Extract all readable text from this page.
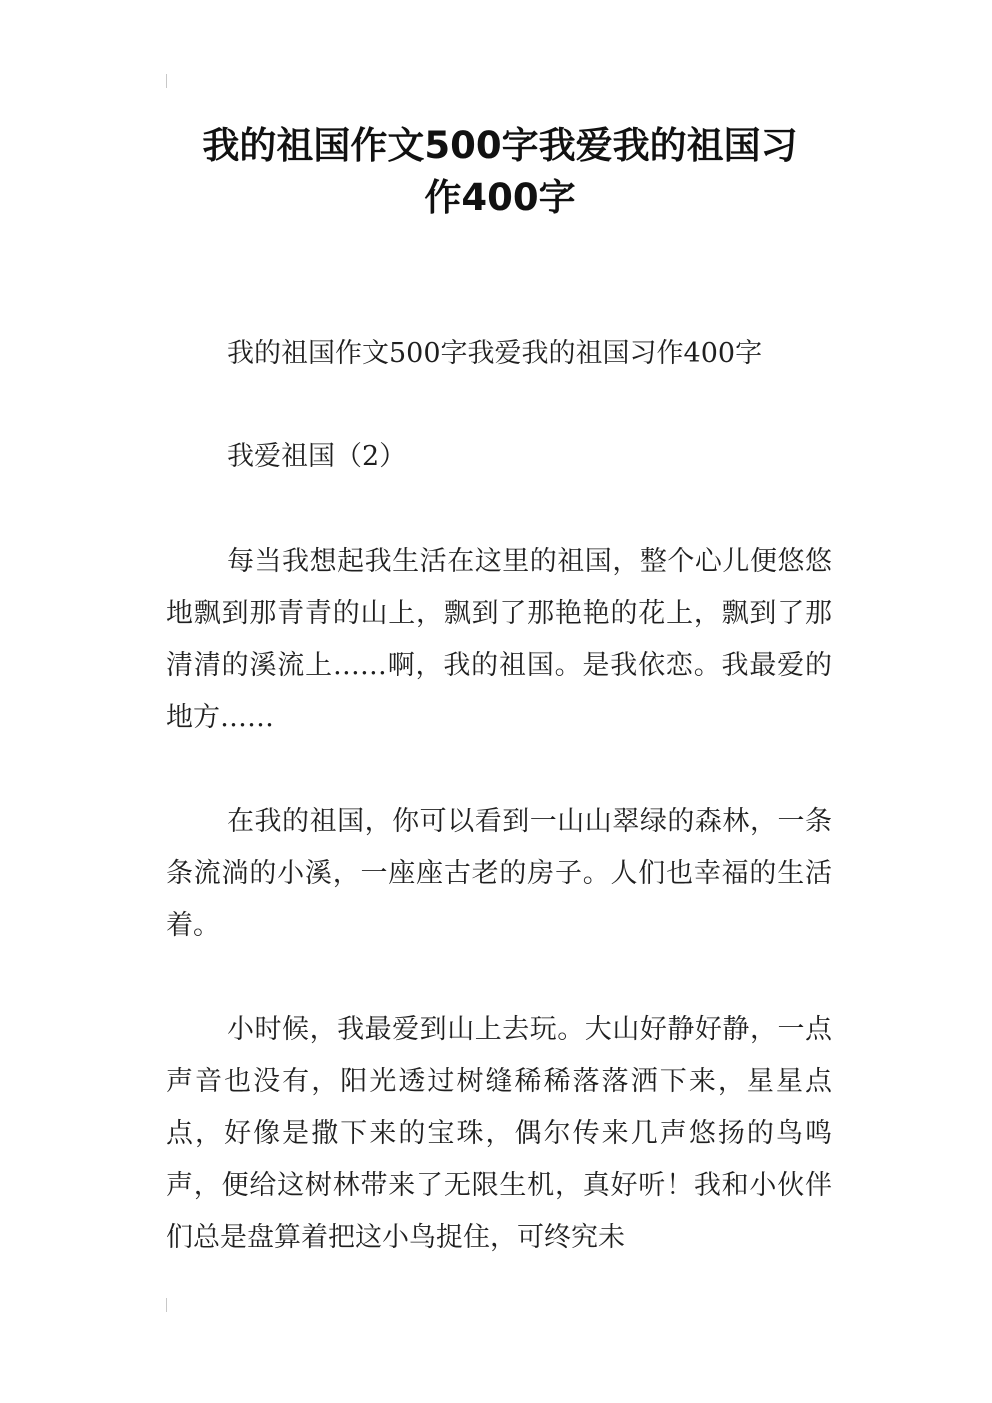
我的祖国作文500字我爱我的祖国习
作400字

我的祖国作文500字我爱我的祖国习作400字

我爱祖国（2）

每当我想起我生活在这里的祖国，整个心儿便悠悠地飘到那青青的山上，飘到了那艳艳的花上，飘到了那清清的溪流上……啊，我的祖国。是我依恋。我最爱的地方……

在我的祖国，你可以看到一山山翠绿的森林，一条条流淌的小溪，一座座古老的房子。人们也幸福的生活着。

小时候，我最爱到山上去玩。大山好静好静，一点声音也没有，阳光透过树缝稀稀落落洒下来，星星点点，好像是撒下来的宝珠，偶尔传来几声悠扬的鸟鸣声，便给这树林带来了无限生机，真好听！我和小伙伴们总是盘算着把这小鸟捉住，可终究未
